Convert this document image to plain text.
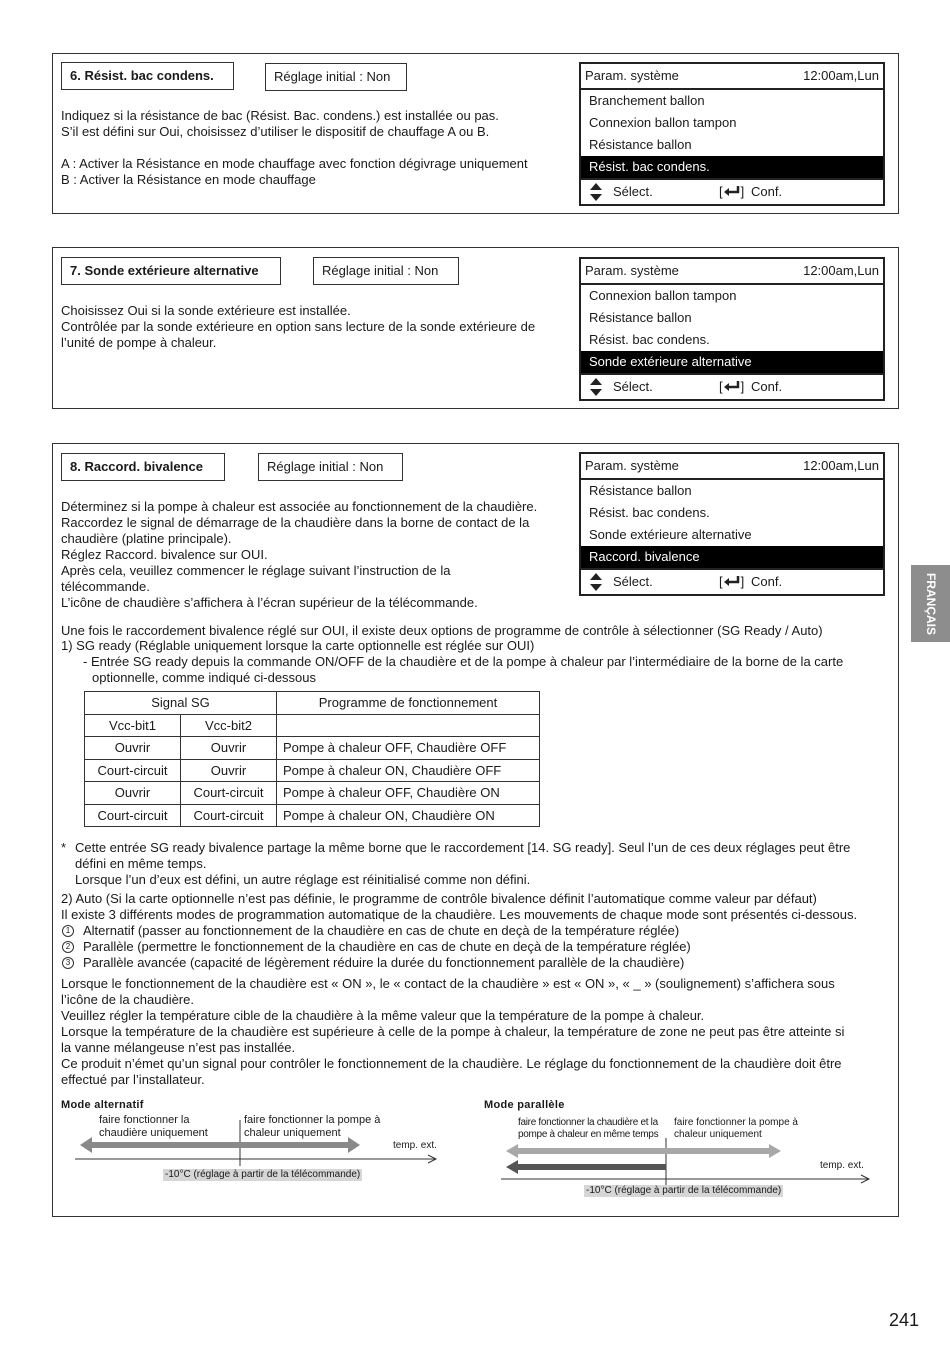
6. Résist. bac condens.	Réglage initial : Non
Indiquez si la résistance de bac (Résist. Bac. condens.) est installée ou pas.
S’il est défini sur Oui, choisissez d’utiliser le dispositif de chauffage A ou B.
A : Activer la Résistance en mode chauffage avec fonction dégivrage uniquement
B : Activer la Résistance en mode chauffage
Param. système	12:00am,Lun
Branchement ballon
Connexion ballon tampon
Résistance ballon
Résist. bac condens.
Sélect.	[ ] Conf.
7. Sonde extérieure alternative	Réglage initial : Non
Choisissez Oui si la sonde extérieure est installée.
Contrôlée par la sonde extérieure en option sans lecture de la sonde extérieure de
l’unité de pompe à chaleur.
Param. système	12:00am,Lun
Connexion ballon tampon
Résistance ballon
Résist. bac condens.
Sonde extérieure alternative
Sélect.	[ ] Conf.
8. Raccord. bivalence	Réglage initial : Non
Déterminez si la pompe à chaleur est associée au fonctionnement de la chaudière.
Raccordez le signal de démarrage de la chaudière dans la borne de contact de la
chaudière (platine principale).
Réglez Raccord. bivalence sur OUI.
Après cela, veuillez commencer le réglage suivant l’instruction de la
télécommande.
L’icône de chaudière s’affichera à l’écran supérieur de la télécommande.
Param. système	12:00am,Lun
Résistance ballon
Résist. bac condens.
Sonde extérieure alternative
Raccord. bivalence
Sélect.	[ ] Conf.
Une fois le raccordement bivalence réglé sur OUI, il existe deux options de programme de contrôle à sélectionner (SG Ready / Auto)
1) SG ready (Réglable uniquement lorsque la carte optionnelle est réglée sur OUI)
- Entrée SG ready depuis la commande ON/OFF de la chaudière et de la pompe à chaleur par l’intermédiaire de la borne de la carte
optionnelle, comme indiqué ci-dessous
Signal SG		Programme de fonctionnement
Vcc-bit1	Vcc-bit2	
Ouvrir	Ouvrir	Pompe à chaleur OFF, Chaudière OFF
Court-circuit	Ouvrir	Pompe à chaleur ON, Chaudière OFF
Ouvrir	Court-circuit	Pompe à chaleur OFF, Chaudière ON
Court-circuit	Court-circuit	Pompe à chaleur ON, Chaudière ON
* Cette entrée SG ready bivalence partage la même borne que le raccordement [14. SG ready]. Seul l’un de ces deux réglages peut être
défini en même temps.
Lorsque l’un d’eux est défini, un autre réglage est réinitialisé comme non défini.
2) Auto (Si la carte optionnelle n’est pas définie, le programme de contrôle bivalence définit l’automatique comme valeur par défaut)
Il existe 3 différents modes de programmation automatique de la chaudière. Les mouvements de chaque mode sont présentés ci-dessous.
1 Alternatif (passer au fonctionnement de la chaudière en cas de chute en deçà de la température réglée)
2 Parallèle (permettre le fonctionnement de la chaudière en cas de chute en deçà de la température réglée)
3 Parallèle avancée (capacité de légèrement réduire la durée du fonctionnement parallèle de la chaudière)
Lorsque le fonctionnement de la chaudière est « ON », le « contact de la chaudière » est « ON », « _ » (soulignement) s’affichera sous
l’icône de la chaudière.
Veuillez régler la température cible de la chaudière à la même valeur que la température de la pompe à chaleur.
Lorsque la température de la chaudière est supérieure à celle de la pompe à chaleur, la température de zone ne peut pas être atteinte si
la vanne mélangeuse n’est pas installée.
Ce produit n’émet qu’un signal pour contrôler le fonctionnement de la chaudière. Le réglage du fonctionnement de la chaudière doit être
effectué par l’installateur.
Mode alternatif
faire fonctionner la
chaudière uniquement
faire fonctionner la pompe à
chaleur uniquement
temp. ext.
-10°C (réglage à partir de la télécommande)
Mode parallèle
faire fonctionner la chaudière et la
pompe à chaleur en même temps
faire fonctionner la pompe à
chaleur uniquement
temp. ext.
-10°C (réglage à partir de la télécommande)
FRANÇAIS
241
